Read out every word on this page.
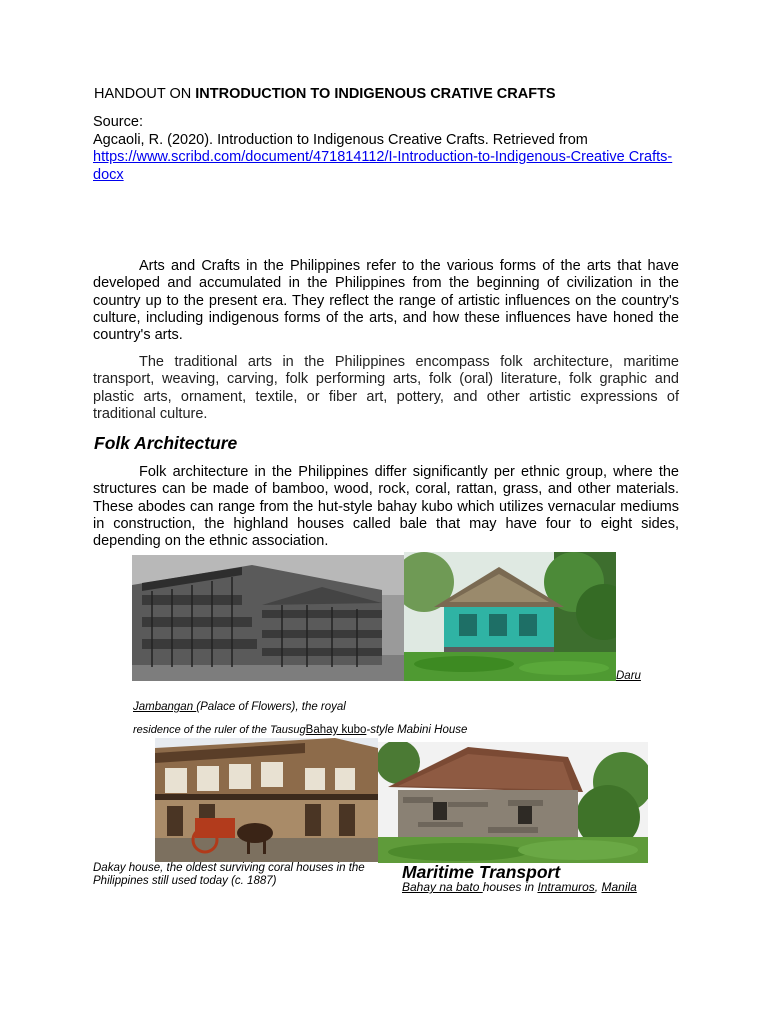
HANDOUT ON INTRODUCTION TO INDIGENOUS CRATIVE CRAFTS
Source:
Agcaoli, R. (2020). Introduction to Indigenous Creative Crafts. Retrieved from
https://www.scribd.com/document/471814112/I-Introduction-to-Indigenous-Creative Crafts-docx
Arts and Crafts in the Philippines refer to the various forms of the arts that have developed and accumulated in the Philippines from the beginning of civilization in the country up to the present era. They reflect the range of artistic influences on the country's culture, including indigenous forms of the arts, and how these influences have honed the country's arts.
The traditional arts in the Philippines encompass folk architecture, maritime transport, weaving, carving, folk performing arts, folk (oral) literature, folk graphic and plastic arts, ornament, textile, or fiber art, pottery, and other artistic expressions of traditional culture.
Folk Architecture
Folk architecture in the Philippines differ significantly per ethnic group, where the structures can be made of bamboo, wood, rock, coral, rattan, grass, and other materials. These abodes can range from the hut-style bahay kubo which utilizes vernacular mediums in construction, the highland houses called bale that may have four to eight sides, depending on the ethnic association.
Daru
Jambangan (Palace of Flowers), the royal
residence of the ruler of the TausugBahay kubo-style Mabini House
Dakay house, the oldest surviving coral houses in the Philippines still used today (c. 1887)	Maritime Transport
Bahay na bato houses in Intramuros, Manila
